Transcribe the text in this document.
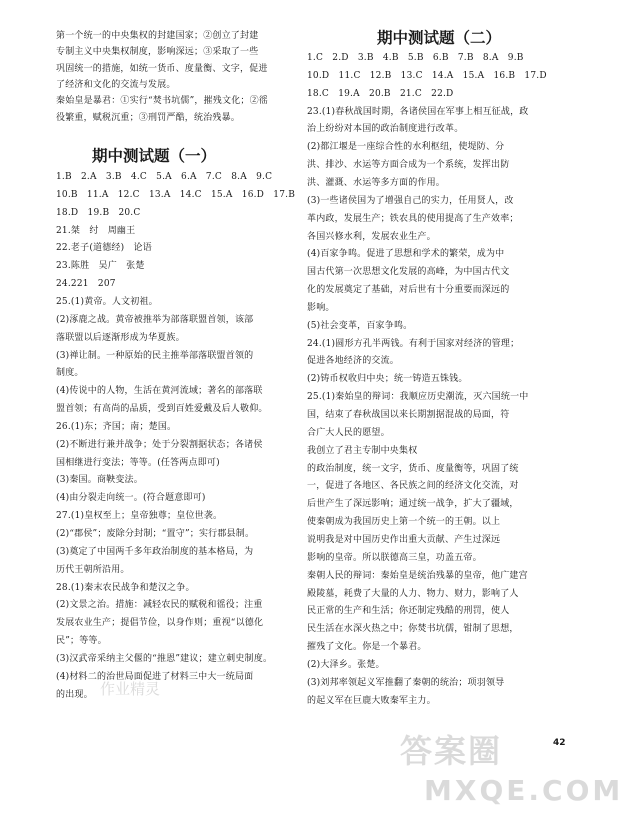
第一个统一的中央集权的封建国家；②创立了封建
专制主义中央集权制度，影响深远；③采取了一些
巩固统一的措施，如统一货币、度量衡、文字，促进
了经济和文化的交流与发展。
秦始皇是暴君：①实行“焚书坑儒”，摧残文化；②徭
役繁重，赋税沉重；③刑罚严酷，统治残暴。
期中测试题（一）
1.B　2.A　3.B　4.C　5.A　6.A　7.C　8.A　9.C
10.B　11.A　12.C　13.A　14.C　15.A　16.D　17.B
18.D　19.B　20.C
21.桀　纣　周幽王
22.老子(道德经)　论语
23.陈胜　吴广　张楚
24.221　207
25.(1)黄帝。人文初祖。
(2)涿鹿之战。黄帝被推举为部落联盟首领，该部
落联盟以后逐渐形成为华夏族。
(3)禅让制。一种原始的民主推举部落联盟首领的
制度。
(4)传说中的人物，生活在黄河流域；著名的部落联
盟首领；有高尚的品质，受到百姓爱戴及后人敬仰。
26.(1)东；齐国；南；楚国。
(2)不断进行兼并战争；处于分裂割据状态；各诸侯
国相继进行变法；等等。(任答两点即可)
(3)秦国。商鞅变法。
(4)由分裂走向统一。(符合题意即可)
27.(1)皇权至上；皇帝独尊；皇位世袭。
(2)“郡侯”；废除分封制；“置守”；实行郡县制。
(3)奠定了中国两千多年政治制度的基本格局，为
历代王朝所沿用。
28.(1)秦末农民战争和楚汉之争。
(2)文景之治。措施：减轻农民的赋税和徭役；注重
发展农业生产；提倡节俭，以身作则；重视“以德化
民”；等等。
(3)汉武帝采纳主父偃的“推恩”建议；建立刺史制度。
(4)材料二的治世局面促进了材料三中大一统局面
的出现。
期中测试题（二）
1.C　2.D　3.B　4.B　5.B　6.B　7.B　8.A　9.B
10.D　11.C　12.B　13.C　14.A　15.A　16.B　17.D
18.C　19.A　20.B　21.C　22.D
23.(1)春秋战国时期，各诸侯国在军事上相互征战，政
治上纷纷对本国的政治制度进行改革。
(2)都江堰是一座综合性的水利枢纽，使堤防、分
洪、排沙、水运等方面合成为一个系统，发挥出防
洪、灌溉、水运等多方面的作用。
(3)一些诸侯国为了增强自己的实力，任用贤人，改
革内政，发展生产；铁农具的使用提高了生产效率；
各国兴修水利，发展农业生产。
(4)百家争鸣。促进了思想和学术的繁荣，成为中
国古代第一次思想文化发展的高峰，为中国古代文
化的发展奠定了基础，对后世有十分重要而深远的
影响。
(5)社会变革，百家争鸣。
24.(1)圆形方孔半两钱。有利于国家对经济的管理；
促进各地经济的交流。
(2)铸币权收归中央；统一铸造五铢钱。
25.(1)秦始皇的辩词：我顺应历史潮流，灭六国统一中
国，结束了春秋战国以来长期割据混战的局面，符
合广大人民的愿望。
我创立了君主专制中央集权
的政治制度，统一文字，货币、度量衡等，巩固了统
一，促进了各地区、各民族之间的经济文化交流，对
后世产生了深远影响；通过统一战争，扩大了疆域，
使秦朝成为我国历史上第一个统一的王朝。以上
说明我是对中国历史作出重大贡献、产生过深远
影响的皇帝。所以朕德高三皇，功盖五帝。
秦朝人民的辩词：秦始皇是统治残暴的皇帝，他广建宫
殿陵墓，耗费了大量的人力、物力、财力，影响了人
民正常的生产和生活；你还制定残酷的刑罚，使人
民生活在水深火热之中；你焚书坑儒，钳制了思想，
摧残了文化。你是一个暴君。
(2)大泽乡。张楚。
(3)刘邦率领起义军推翻了秦朝的统治；项羽领导
的起义军在巨鹿大败秦军主力。
42
答案圈
MXQE.COM
作业精灵
